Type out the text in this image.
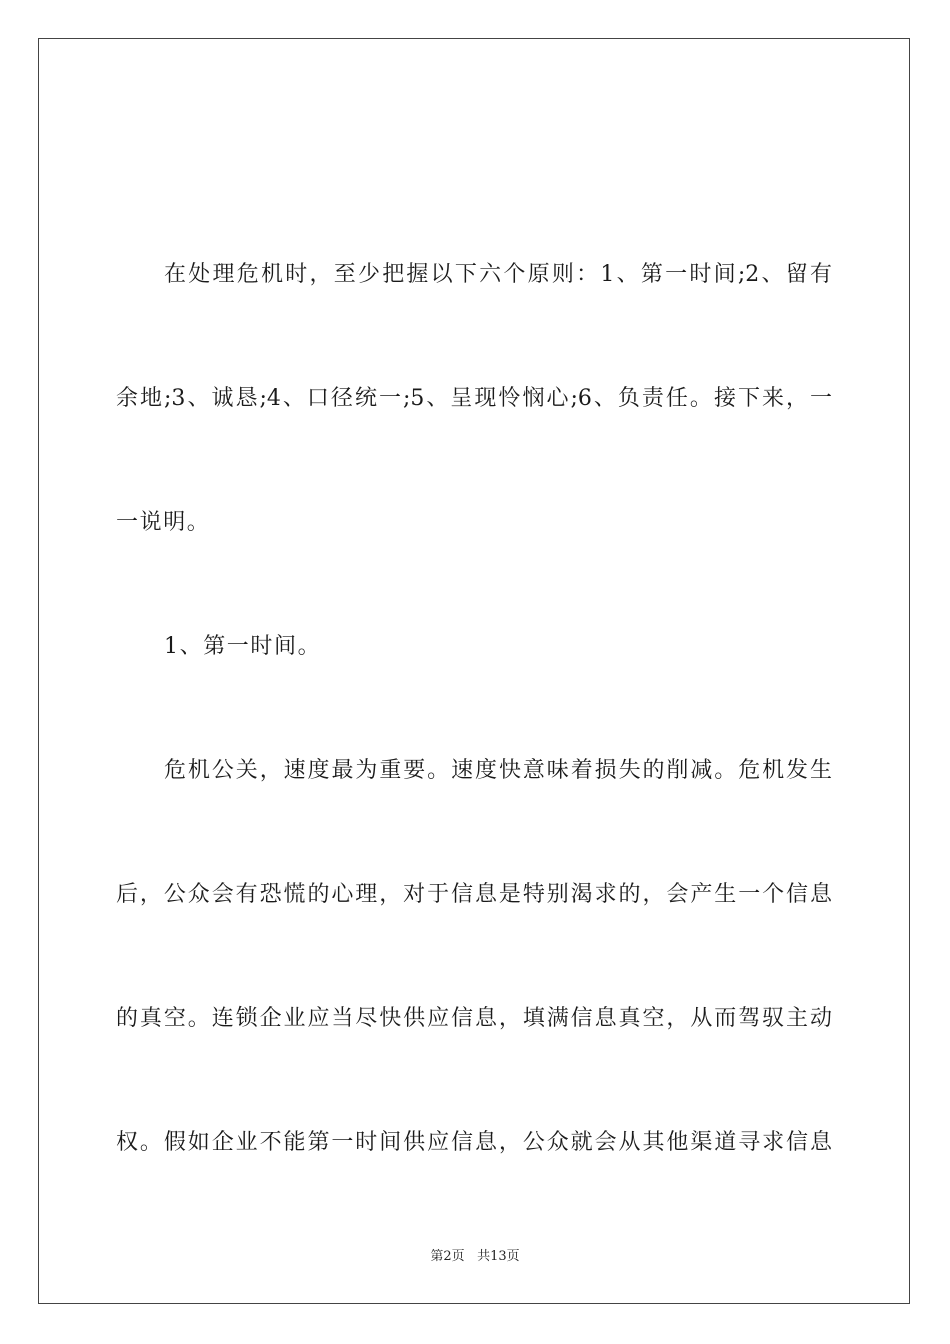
在处理危机时，至少把握以下六个原则：1、第一时间;2、留有
余地;3、诚恳;4、口径统一;5、呈现怜悯心;6、负责任。接下来，一
一说明。
1、第一时间。
危机公关，速度最为重要。速度快意味着损失的削减。危机发生
后，公众会有恐慌的心理，对于信息是特别渴求的，会产生一个信息
的真空。连锁企业应当尽快供应信息，填满信息真空，从而驾驭主动
权。假如企业不能第一时间供应信息，公众就会从其他渠道寻求信息
第2页 共13页
